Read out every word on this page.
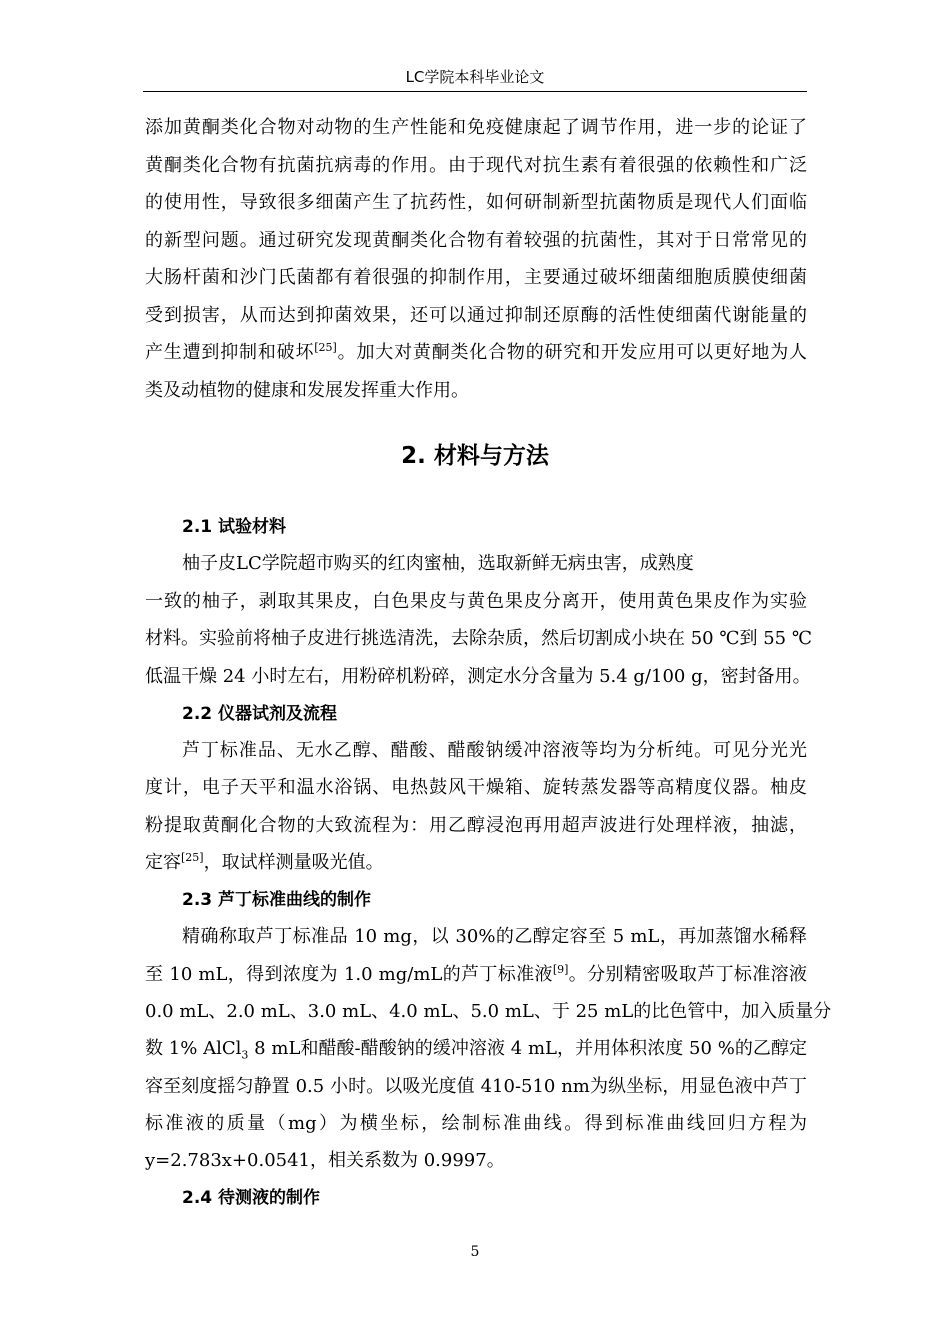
LC学院本科毕业论文
添加黄酮类化合物对动物的生产性能和免疫健康起了调节作用，进一步的论证了
黄酮类化合物有抗菌抗病毒的作用。由于现代对抗生素有着很强的依赖性和广泛
的使用性，导致很多细菌产生了抗药性，如何研制新型抗菌物质是现代人们面临
的新型问题。通过研究发现黄酮类化合物有着较强的抗菌性，其对于日常常见的
大肠杆菌和沙门氏菌都有着很强的抑制作用，主要通过破坏细菌细胞质膜使细菌
受到损害，从而达到抑菌效果，还可以通过抑制还原酶的活性使细菌代谢能量的
产生遭到抑制和破坏[25]。加大对黄酮类化合物的研究和开发应用可以更好地为人
类及动植物的健康和发展发挥重大作用。
2. 材料与方法
2.1 试验材料
柚子皮LC学院超市购买的红肉蜜柚，选取新鲜无病虫害，成熟度
一致的柚子，剥取其果皮，白色果皮与黄色果皮分离开，使用黄色果皮作为实验
材料。实验前将柚子皮进行挑选清洗，去除杂质，然后切割成小块在 50 ℃到 55 ℃
低温干燥 24 小时左右，用粉碎机粉碎，测定水分含量为 5.4 g/100 g，密封备用。
2.2 仪器试剂及流程
芦丁标准品、无水乙醇、醋酸、醋酸钠缓冲溶液等均为分析纯。可见分光光
度计，电子天平和温水浴锅、电热鼓风干燥箱、旋转蒸发器等高精度仪器。柚皮
粉提取黄酮化合物的大致流程为：用乙醇浸泡再用超声波进行处理样液，抽滤，
定容[25]，取试样测量吸光值。
2.3 芦丁标准曲线的制作
精确称取芦丁标准品 10 mg，以 30%的乙醇定容至 5 mL，再加蒸馏水稀释
至 10 mL，得到浓度为 1.0 mg/mL的芦丁标准液[9]。分别精密吸取芦丁标准溶液
0.0 mL、2.0 mL、3.0 mL、4.0 mL、5.0 mL、于 25 mL的比色管中，加入质量分
数 1% AlCl$_3$ 8 mL和醋酸-醋酸钠的缓冲溶液 4 mL，并用体积浓度 50 %的乙醇定
容至刻度摇匀静置 0.5 小时。以吸光度值 410-510 nm为纵坐标，用显色液中芦丁
标准液的质量（mg）为横坐标，绘制标准曲线。得到标准曲线回归方程为
y=2.783x+0.0541，相关系数为 0.9997。
2.4 待测液的制作
5
